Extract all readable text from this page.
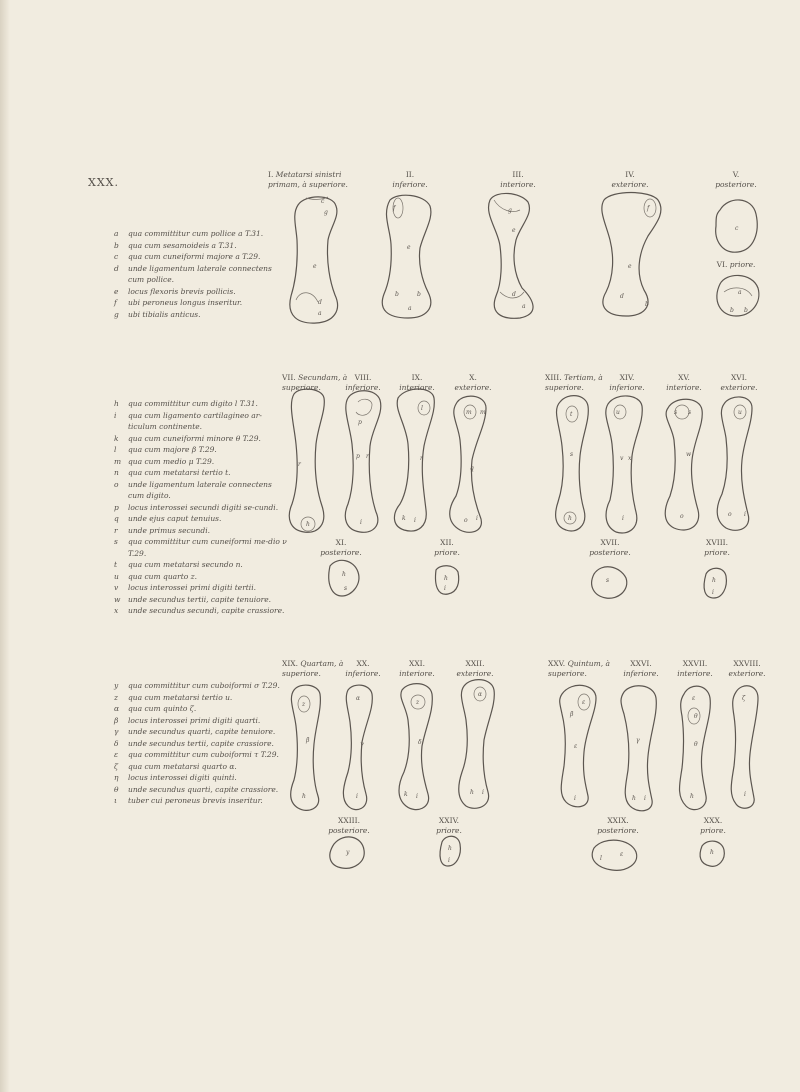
XXX.
a	qua committitur cum pollice a T.31.
b	qua cum sesamoideis a T.31.
c	qua cum cuneiformi majore a T.29.
d	unde ligamentum laterale connectens cum pollice.
e	locus flexoris brevis pollicis.
f	ubi peroneus longus inseritur.
g	ubi tibialis anticus.
h	qua committitur cum digito l T.31.
i	qua cum ligamento cartilagineo ar-ticulum continente.
k	qua cum cuneiformi minore θ T.29.
l	qua cum majore β T.29.
m qua cum medio μ T.29.
n	qua cum metatarsi tertio t.
o	unde ligamentum laterale connectens cum digito.
p	locus interossei secundi digiti se-cundi.
q	unde ejus caput tenuius.
r	unde primus secundi.
s	qua committitur cum cuneiformi me-dio ν T.29.
t	qua cum metatarsi secundo n.
u	qua cum quarto z.
v	locus interossei primi digiti tertii.
w	unde secundus tertii, capite tenuiore.
x	unde secundus secundi, capite crassiore.
y	qua committitur cum cuboiformi σ T.29.
z	qua cum metatarsi tertio u.
α	qua cum quinto ζ.
β	locus interossei primi digiti quarti.
γ	unde secundus quarti, capite tenuiore.
δ	unde secundus tertii, capite crassiore.
ε	qua committitur cum cuboiformi τ T.29.
ζ	qua cum metatarsi quarto α.
η	locus interossei digiti quinti.
θ	unde secundus quarti, capite crassiore.
ι	tuber cui peroneus brevis inseritur.
I. Metatarsi sinistri primam, à superiore.
II.
inferiore.
III.
interiore.
IV.
exteriore.
V.
posteriore.
VI. priore.
VII. Secundam, à superiore.
VIII.
inferiore.
IX.
interiore.
X.
exteriore.
XIII. Tertiam, à superiore.
XIV.
inferiore.
XV.
interiore.
XVI.
exteriore.
XI.
posteriore.
XII.
priore.
XVII.
posteriore.
XVIII.
priore.
XIX. Quartam, à superiore.
XX.
inferiore.
XXI.
interiore.
XXII.
exteriore.
XXV. Quintum, à superiore.
XXVI.
inferiore.
XXVII.
interiore.
XXVIII.
exteriore.
XXIII.
posteriore.
XXIV.
priore.
XXIX.
posteriore.
XXX.
priore.
c
g
e
d
a
f
e
b	b
a
g
e
d
a
f
e
d
b
c
a
b b
r
h
p
r
p
i
l
r
k i
m m
q
i
o
h
s
h
i
t
s
h
u
v x
i
s s
w
o
u
o i
s	h
i
z
β
h
α
γ
i
z
δ
k i
α
h i
y
h
i
ε
β
ε
i
γ
h i
ε
θ
θ
h
ζ
i
ε
l
h
